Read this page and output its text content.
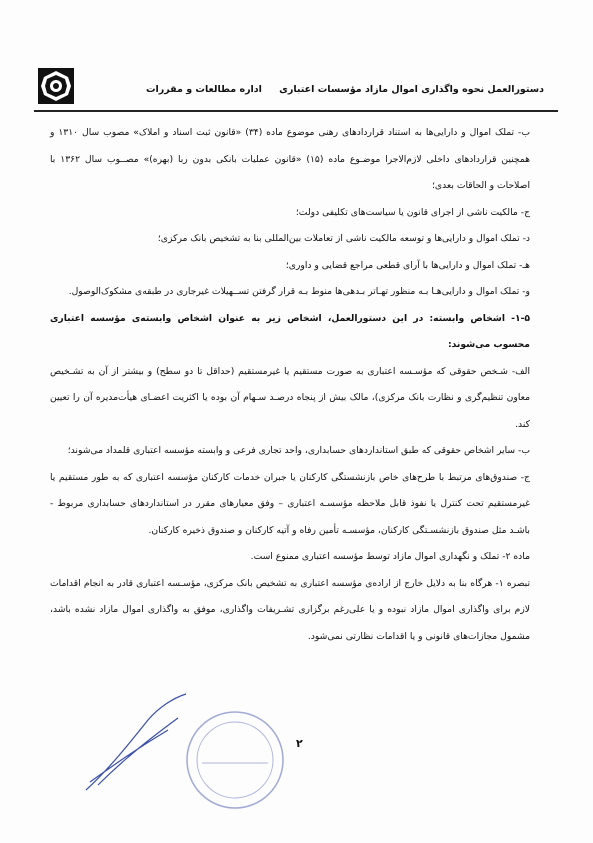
اداره مطالعات و مقررات دستورالعمل نحوه واگذاری اموال مازاد مؤسسات اعتباری

ب- تملک اموال و دارایی‌ها به استناد قراردادهای رهنی موضوع ماده (۳۴) «قانون ثبت اسناد و املاک» مصوب سال ۱۳۱۰ و همچنین قراردادهای داخلی لازم‌الاجرا موضـوع ماده (۱۵) «قانون عملیات بانکی بدون ربا (بهره)» مصــوب سال ۱۳۶۲ با اصلاحات و الحاقات بعدی؛

ج- مالکیت ناشی از اجرای قانون یا سیاست‌های تکلیفی دولت؛

د- تملک اموال و دارایی‌ها و توسعه مالکیت ناشی از تعاملات بین‌المللی بنا به تشخیص بانک مرکزی؛

هـ- تملک اموال و دارایی‌ها با آرای قطعی مراجع قضایی و داوری؛

و- تملک اموال و دارایی‌هـا بـه منظور تهـاتر بـدهی‌ها منوط بـه قرار گرفتن تســهیلات غیرجاری در طبقه‌ی مشکوک‌الوصول.

۱-۵- اشخاص وابسته: در این دستورالعمل، اشخاص زیر به عنوان اشخاص وابسته‌ی مؤسسه اعتباری محسوب می‌شوند:

الف- شـخص حقوقی که مؤسـسه اعتباری به صورت مستقیم یا غیرمستقیم (حداقل تا دو سطح) و بیشتر از آن به تشـخیص معاون تنظیم‌گری و نظارت بانک مرکزی)، مالک بیش از پنجاه درصـد سـهام آن بوده یا اکثریت اعضـای هیأت‌مدیره آن را تعیین کند.

ب- سایر اشخاص حقوقی که طبق استانداردهای حسابداری، واحد تجاری فرعی و وابسته مؤسسه اعتباری قلمداد می‌شوند؛

ج- صندوق‌های مرتبط با طرح‌های خاص بازنشستگی کارکنان یا جبران خدمات کارکنان مؤسسه اعتباری که به طور مستقیم یا غیرمستقیم تحت کنترل یا نفوذ قابل ملاحظه مؤسسـه اعتباری – وفق معیارهای مقرر در استانداردهای حسابداری مربوط - باشـد مثل صندوق بازنشسـتگی کارکنان، مؤسسـه تأمین رفاه و آتیه کارکنان و صندوق ذخیره کارکنان.

ماده ۲- تملک و نگهداری اموال مازاد توسط مؤسسه اعتباری ممنوع است.

تبصره ۱- هرگاه بنا به دلایل خارج از اراده‌ی مؤسسه اعتباری به تشخیص بانک مرکزی، مؤسـسه اعتباری قادر به انجام اقدامات لازم برای واگذاری اموال مازاد نبوده و یا علی‌رغم برگزاری تشـریفات واگذاری، موفق به واگذاری اموال مازاد نشده باشد، مشمول مجازات‌های قانونی و یا اقدامات نظارتی نمی‌شود.

۲
